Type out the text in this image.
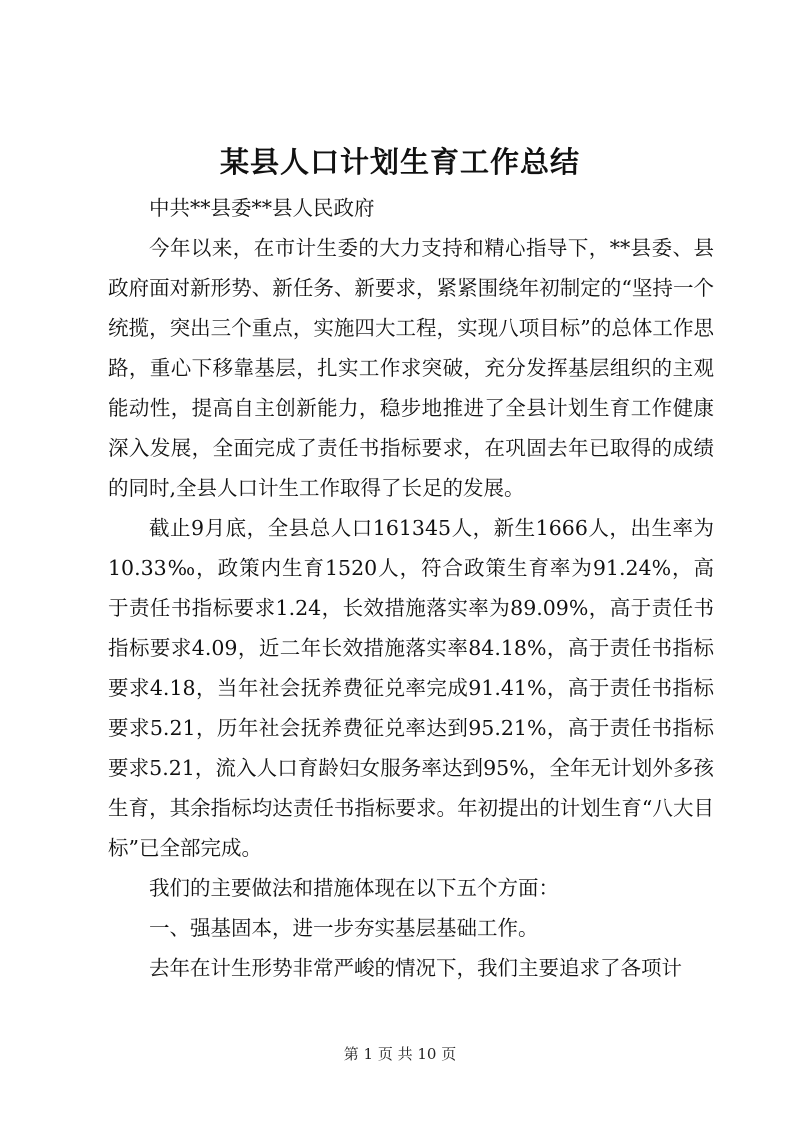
某县人口计划生育工作总结

中共**县委**县人民政府

今年以来，在市计生委的大力支持和精心指导下，**县委、县政府面对新形势、新任务、新要求，紧紧围绕年初制定的“坚持一个统揽，突出三个重点，实施四大工程，实现八项目标”的总体工作思路，重心下移靠基层，扎实工作求突破，充分发挥基层组织的主观能动性，提高自主创新能力，稳步地推进了全县计划生育工作健康深入发展，全面完成了责任书指标要求，在巩固去年已取得的成绩的同时,全县人口计生工作取得了长足的发展。

截止9月底，全县总人口161345人，新生1666人，出生率为10.33‰，政策内生育1520人，符合政策生育率为91.24%，高于责任书指标要求1.24，长效措施落实率为89.09%，高于责任书指标要求4.09，近二年长效措施落实率84.18%，高于责任书指标要求4.18，当年社会抚养费征兑率完成91.41%，高于责任书指标要求5.21，历年社会抚养费征兑率达到95.21%，高于责任书指标要求5.21，流入人口育龄妇女服务率达到95%，全年无计划外多孩生育，其余指标均达责任书指标要求。年初提出的计划生育“八大目标”已全部完成。

我们的主要做法和措施体现在以下五个方面：

一、强基固本，进一步夯实基层基础工作。

去年在计生形势非常严峻的情况下，我们主要追求了各项计

第 1 页 共 10 页
